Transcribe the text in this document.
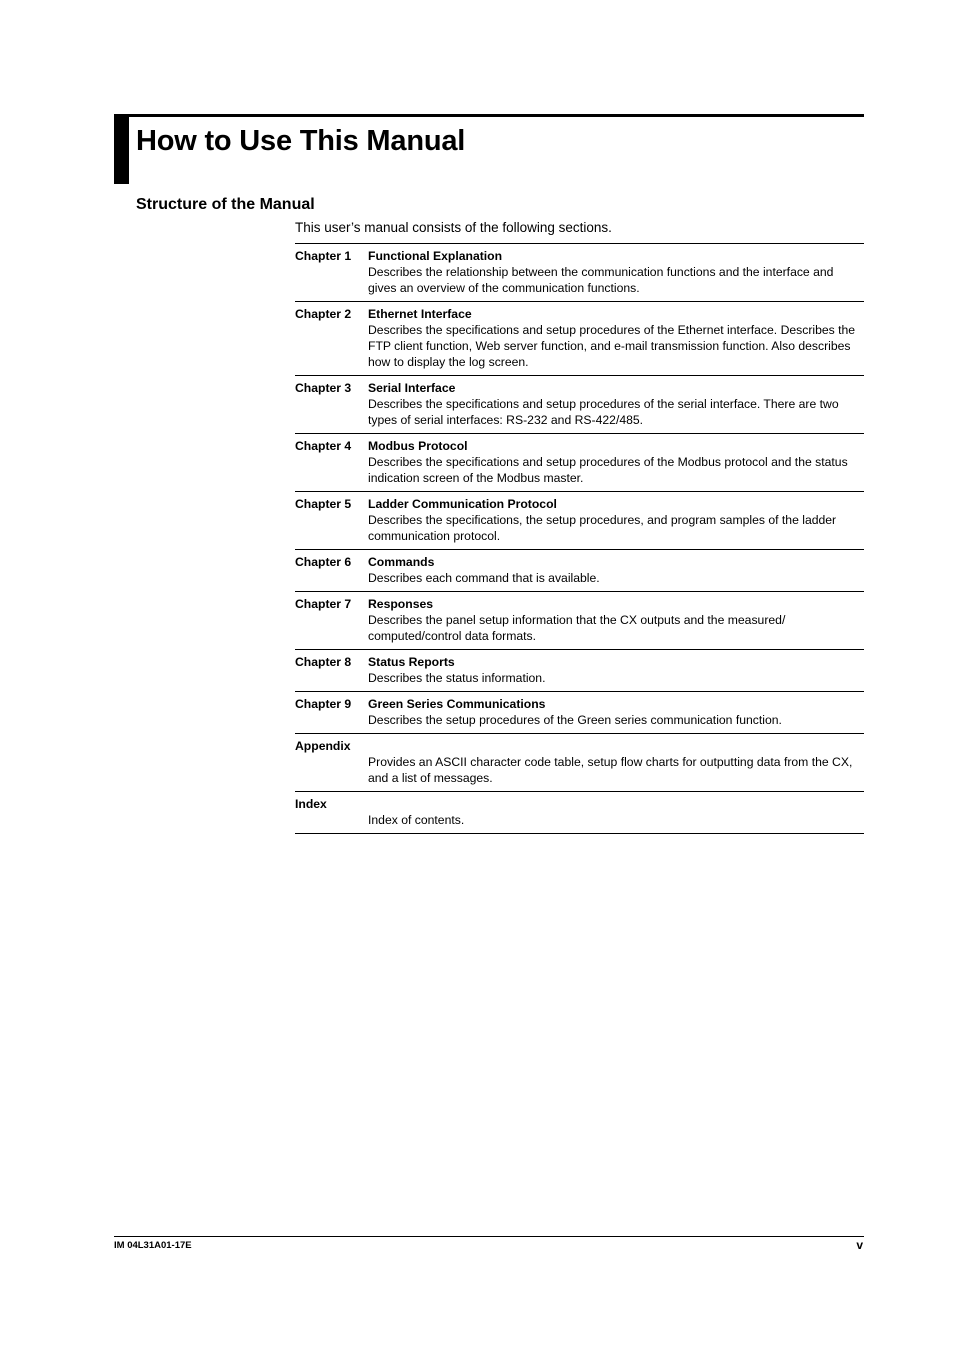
How to Use This Manual
Structure of the Manual
This user’s manual consists of the following sections.
Chapter 1	Functional Explanation
Describes the relationship between the communication functions and the interface and gives an overview of the communication functions.
Chapter 2	Ethernet Interface
Describes the specifications and setup procedures of the Ethernet interface. Describes the FTP client function, Web server function, and e-mail transmission function. Also describes how to display the log screen.
Chapter 3	Serial Interface
Describes the specifications and setup procedures of the serial interface. There are two types of serial interfaces: RS-232 and RS-422/485.
Chapter 4	Modbus Protocol
Describes the specifications and setup procedures of the Modbus protocol and the status indication screen of the Modbus master.
Chapter 5	Ladder Communication Protocol
Describes the specifications, the setup procedures, and program samples of the ladder communication protocol.
Chapter 6	Commands
Describes each command that is available.
Chapter 7	Responses
Describes the panel setup information that the CX outputs and the measured/ computed/control data formats.
Chapter 8	Status Reports
Describes the status information.
Chapter 9	Green Series Communications
Describes the setup procedures of the Green series communication function.
Appendix
Provides an ASCII character code table, setup flow charts for outputting data from the CX, and a list of messages.
Index
Index of contents.
IM 04L31A01-17E	v
